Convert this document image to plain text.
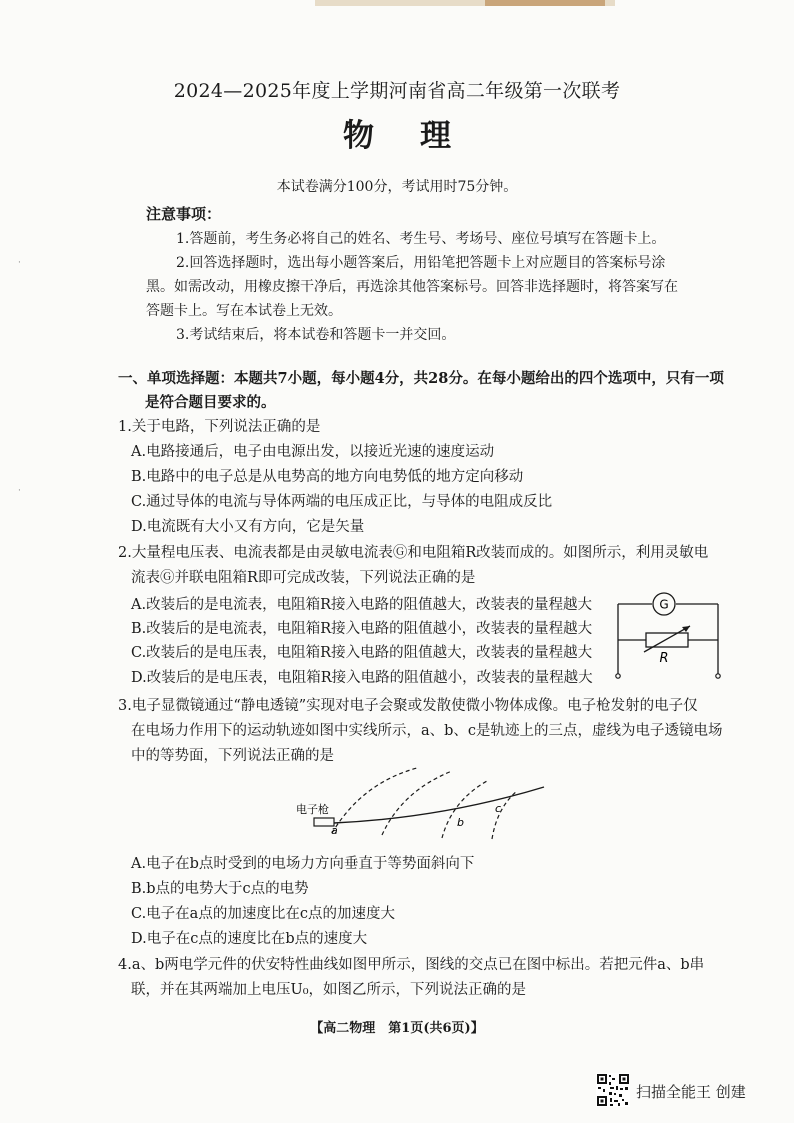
·
·
2024—2025年度上学期河南省高二年级第一次联考
物理
本试卷满分100分，考试用时75分钟。
注意事项：
1.答题前，考生务必将自己的姓名、考生号、考场号、座位号填写在答题卡上。
2.回答选择题时，选出每小题答案后，用铅笔把答题卡上对应题目的答案标号涂
黑。如需改动，用橡皮擦干净后，再选涂其他答案标号。回答非选择题时，将答案写在
答题卡上。写在本试卷上无效。
3.考试结束后，将本试卷和答题卡一并交回。
一、单项选择题：本题共7小题，每小题4分，共28分。在每小题给出的四个选项中，只有一项
是符合题目要求的。
1.关于电路，下列说法正确的是
A.电路接通后，电子由电源出发，以接近光速的速度运动
B.电路中的电子总是从电势高的地方向电势低的地方定向移动
C.通过导体的电流与导体两端的电压成正比，与导体的电阻成反比
D.电流既有大小又有方向，它是矢量
2.大量程电压表、电流表都是由灵敏电流表Ⓖ和电阻箱R改装而成的。如图所示，利用灵敏电
流表Ⓖ并联电阻箱R即可完成改装，下列说法正确的是
A.改装后的是电流表，电阻箱R接入电路的阻值越大，改装表的量程越大
B.改装后的是电流表，电阻箱R接入电路的阻值越小，改装表的量程越大
C.改装后的是电压表，电阻箱R接入电路的阻值越大，改装表的量程越大
D.改装后的是电压表，电阻箱R接入电路的阻值越小，改装表的量程越大
G
R
3.电子显微镜通过“静电透镜”实现对电子会聚或发散使微小物体成像。电子枪发射的电子仅
在电场力作用下的运动轨迹如图中实线所示，a、b、c是轨迹上的三点，虚线为电子透镜电场
中的等势面，下列说法正确的是
电子枪
a
b
c
A.电子在b点时受到的电场力方向垂直于等势面斜向下
B.b点的电势大于c点的电势
C.电子在a点的加速度比在c点的加速度大
D.电子在c点的速度比在b点的速度大
4.a、b两电学元件的伏安特性曲线如图甲所示，图线的交点已在图中标出。若把元件a、b串
联，并在其两端加上电压U₀，如图乙所示，下列说法正确的是
【高二物理　第1页(共6页)】
扫描全能王 创建
